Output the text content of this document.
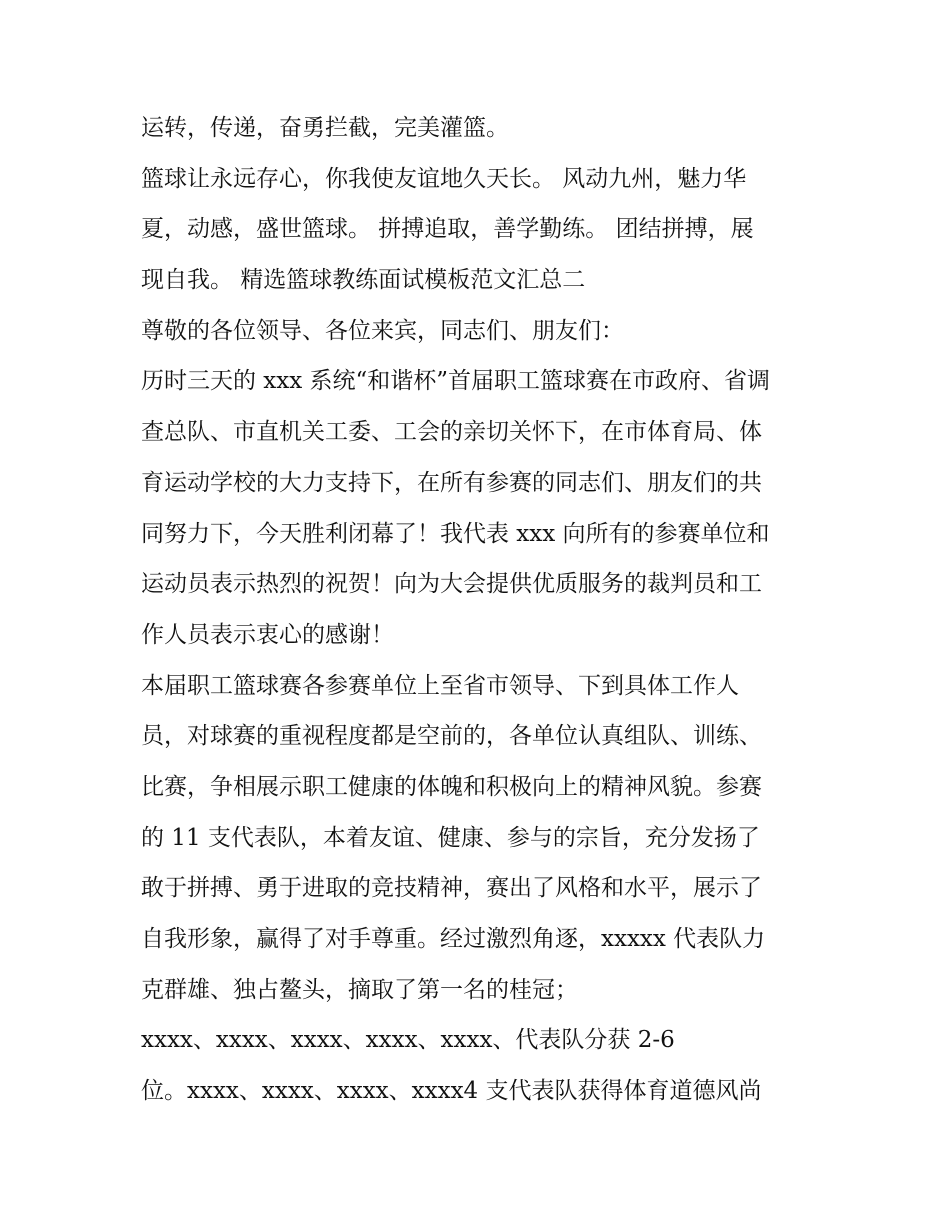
运转，传递，奋勇拦截，完美灌篮。
篮球让永远存心，你我使友谊地久天长。 风动九州，魅力华
夏，动感，盛世篮球。 拼搏追取，善学勤练。 团结拼搏，展
现自我。 精选篮球教练面试模板范文汇总二
尊敬的各位领导、各位来宾，同志们、朋友们：
历时三天的 xxx 系统“和谐杯”首届职工篮球赛在市政府、省调
查总队、市直机关工委、工会的亲切关怀下，在市体育局、体
育运动学校的大力支持下，在所有参赛的同志们、朋友们的共
同努力下，今天胜利闭幕了！我代表 xxx 向所有的参赛单位和
运动员表示热烈的祝贺！向为大会提供优质服务的裁判员和工
作人员表示衷心的感谢！
本届职工篮球赛各参赛单位上至省市领导、下到具体工作人
员，对球赛的重视程度都是空前的，各单位认真组队、训练、
比赛，争相展示职工健康的体魄和积极向上的精神风貌。参赛
的 11 支代表队，本着友谊、健康、参与的宗旨，充分发扬了
敢于拼搏、勇于进取的竞技精神，赛出了风格和水平，展示了
自我形象，赢得了对手尊重。经过激烈角逐，xxxxx 代表队力
克群雄、独占鳌头，摘取了第一名的桂冠；
xxxx、xxxx、xxxx、xxxx、xxxx、代表队分获 2-6
位。xxxx、xxxx、xxxx、xxxx4 支代表队获得体育道德风尚
